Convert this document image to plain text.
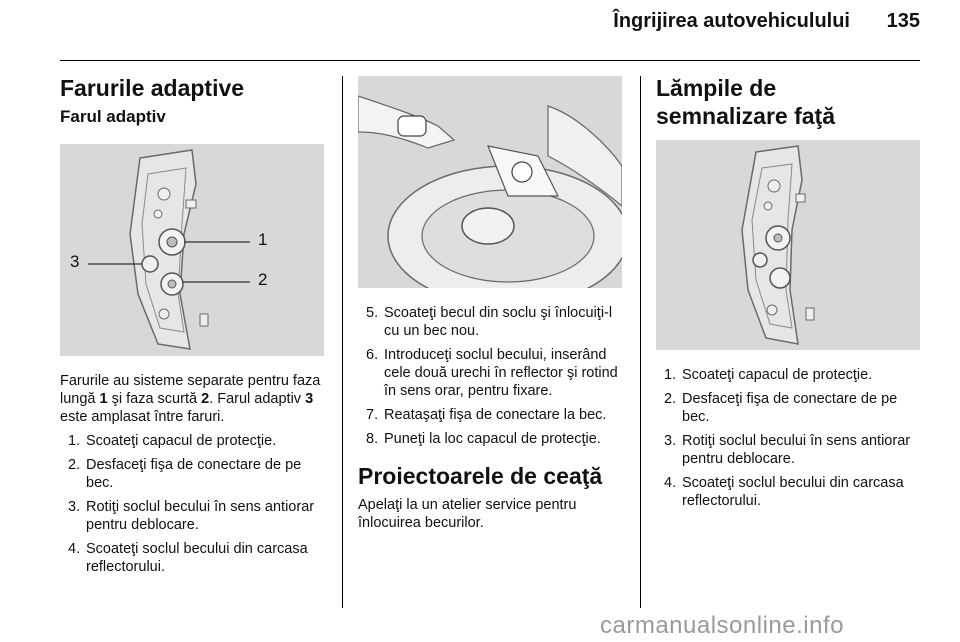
Îngrijirea autovehiculului	135
Farurile adaptive
Farul adaptiv
1
2
3

Farurile au sisteme separate pentru faza lungă 1 şi faza scurtă 2. Farul adaptiv 3 este amplasat între faruri.

1. Scoateţi capacul de protecţie.
2. Desfaceţi fişa de conectare de pe bec.
3. Rotiţi soclul becului în sens antiorar pentru deblocare.
4. Scoateţi soclul becului din carcasa reflectorului.
5. Scoateţi becul din soclu şi înlocuiţi-l cu un bec nou.
6. Introduceţi soclul becului, inserând cele două urechi în reflector şi rotind în sens orar, pentru fixare.
7. Reataşaţi fişa de conectare la bec.
8. Puneţi la loc capacul de protecţie.
Proiectoarele de ceaţă

Apelaţi la un atelier service pentru înlocuirea becurilor.

Lămpile de semnalizare faţă
1. Scoateţi capacul de protecţie.
2. Desfaceţi fişa de conectare de pe bec.
3. Rotiţi soclul becului în sens antiorar pentru deblocare.
4. Scoateţi soclul becului din carcasa reflectorului.
carmanualsonline.info
